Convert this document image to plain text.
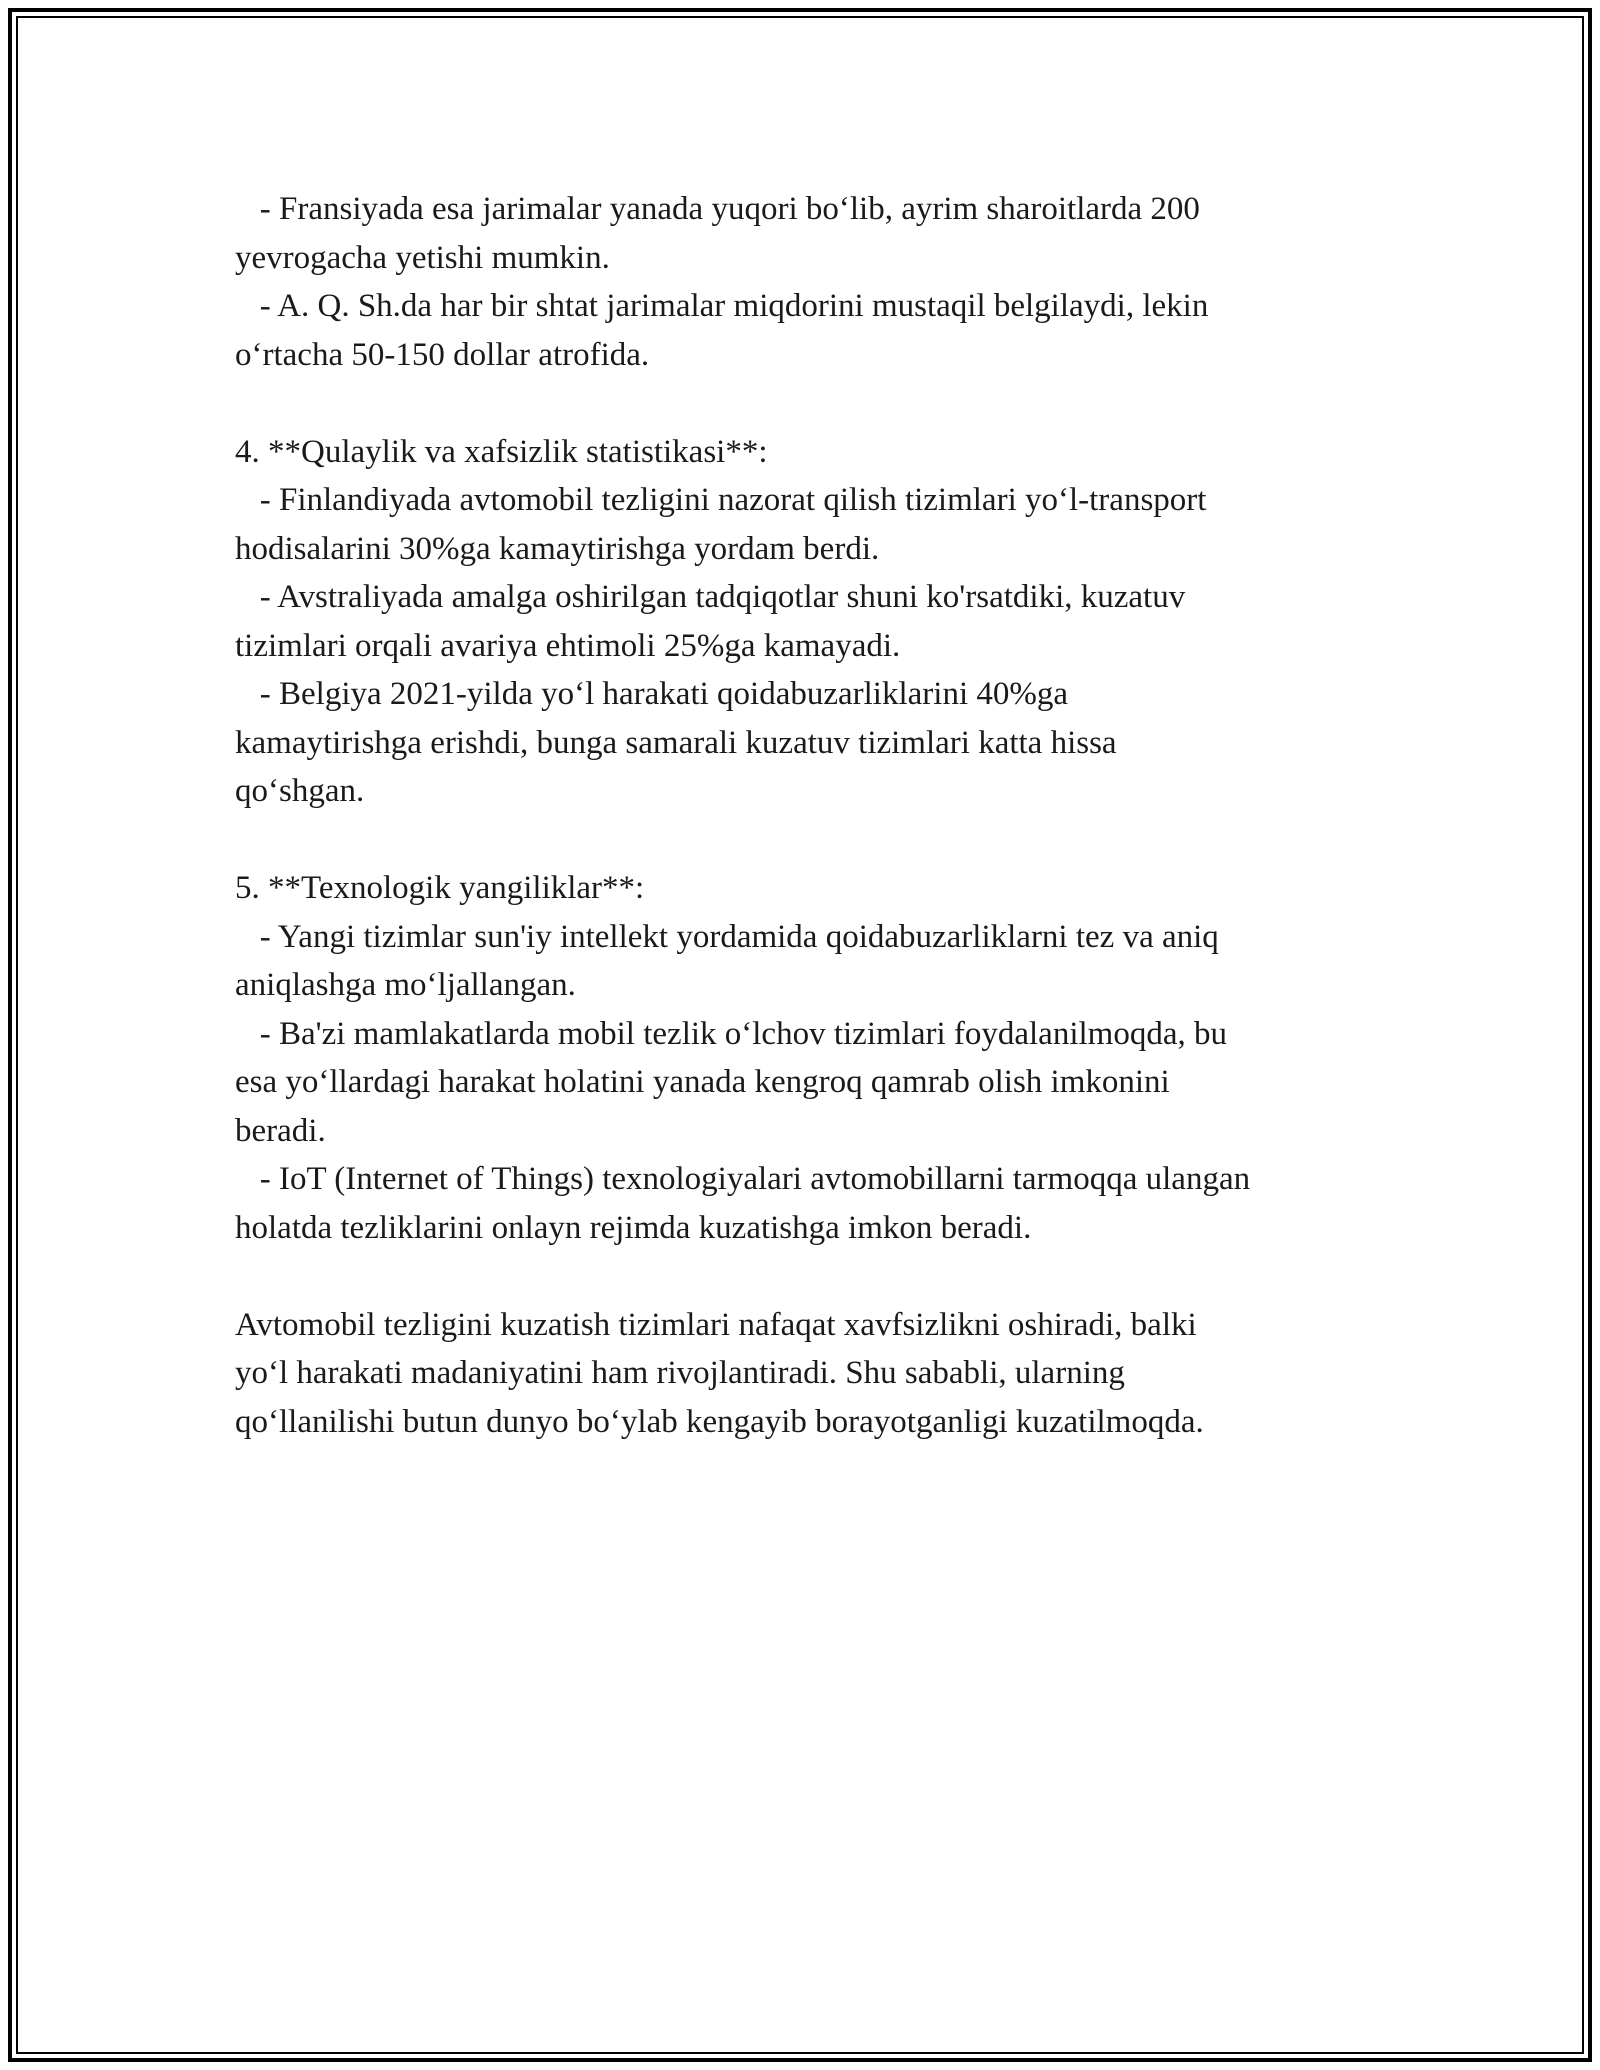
- Fransiyada esa jarimalar yanada yuqori bo‘lib, ayrim sharoitlarda 200
yevrogacha yetishi mumkin.
- A. Q. Sh.da har bir shtat jarimalar miqdorini mustaqil belgilaydi, lekin
o‘rtacha 50-150 dollar atrofida.
4. **Qulaylik va xafsizlik statistikasi**:
- Finlandiyada avtomobil tezligini nazorat qilish tizimlari yo‘l-transport
hodisalarini 30%ga kamaytirishga yordam berdi.
- Avstraliyada amalga oshirilgan tadqiqotlar shuni ko'rsatdiki, kuzatuv
tizimlari orqali avariya ehtimoli 25%ga kamayadi.
- Belgiya 2021-yilda yo‘l harakati qoidabuzarliklarini 40%ga
kamaytirishga erishdi, bunga samarali kuzatuv tizimlari katta hissa
qo‘shgan.
5. **Texnologik yangiliklar**:
- Yangi tizimlar sun'iy intellekt yordamida qoidabuzarliklarni tez va aniq
aniqlashga mo‘ljallangan.
- Ba'zi mamlakatlarda mobil tezlik o‘lchov tizimlari foydalanilmoqda, bu
esa yo‘llardagi harakat holatini yanada kengroq qamrab olish imkonini
beradi.
- IoT (Internet of Things) texnologiyalari avtomobillarni tarmoqqa ulangan
holatda tezliklarini onlayn rejimda kuzatishga imkon beradi.
Avtomobil tezligini kuzatish tizimlari nafaqat xavfsizlikni oshiradi, balki
yo‘l harakati madaniyatini ham rivojlantiradi. Shu sababli, ularning
qo‘llanilishi butun dunyo bo‘ylab kengayib borayotganligi kuzatilmoqda.
